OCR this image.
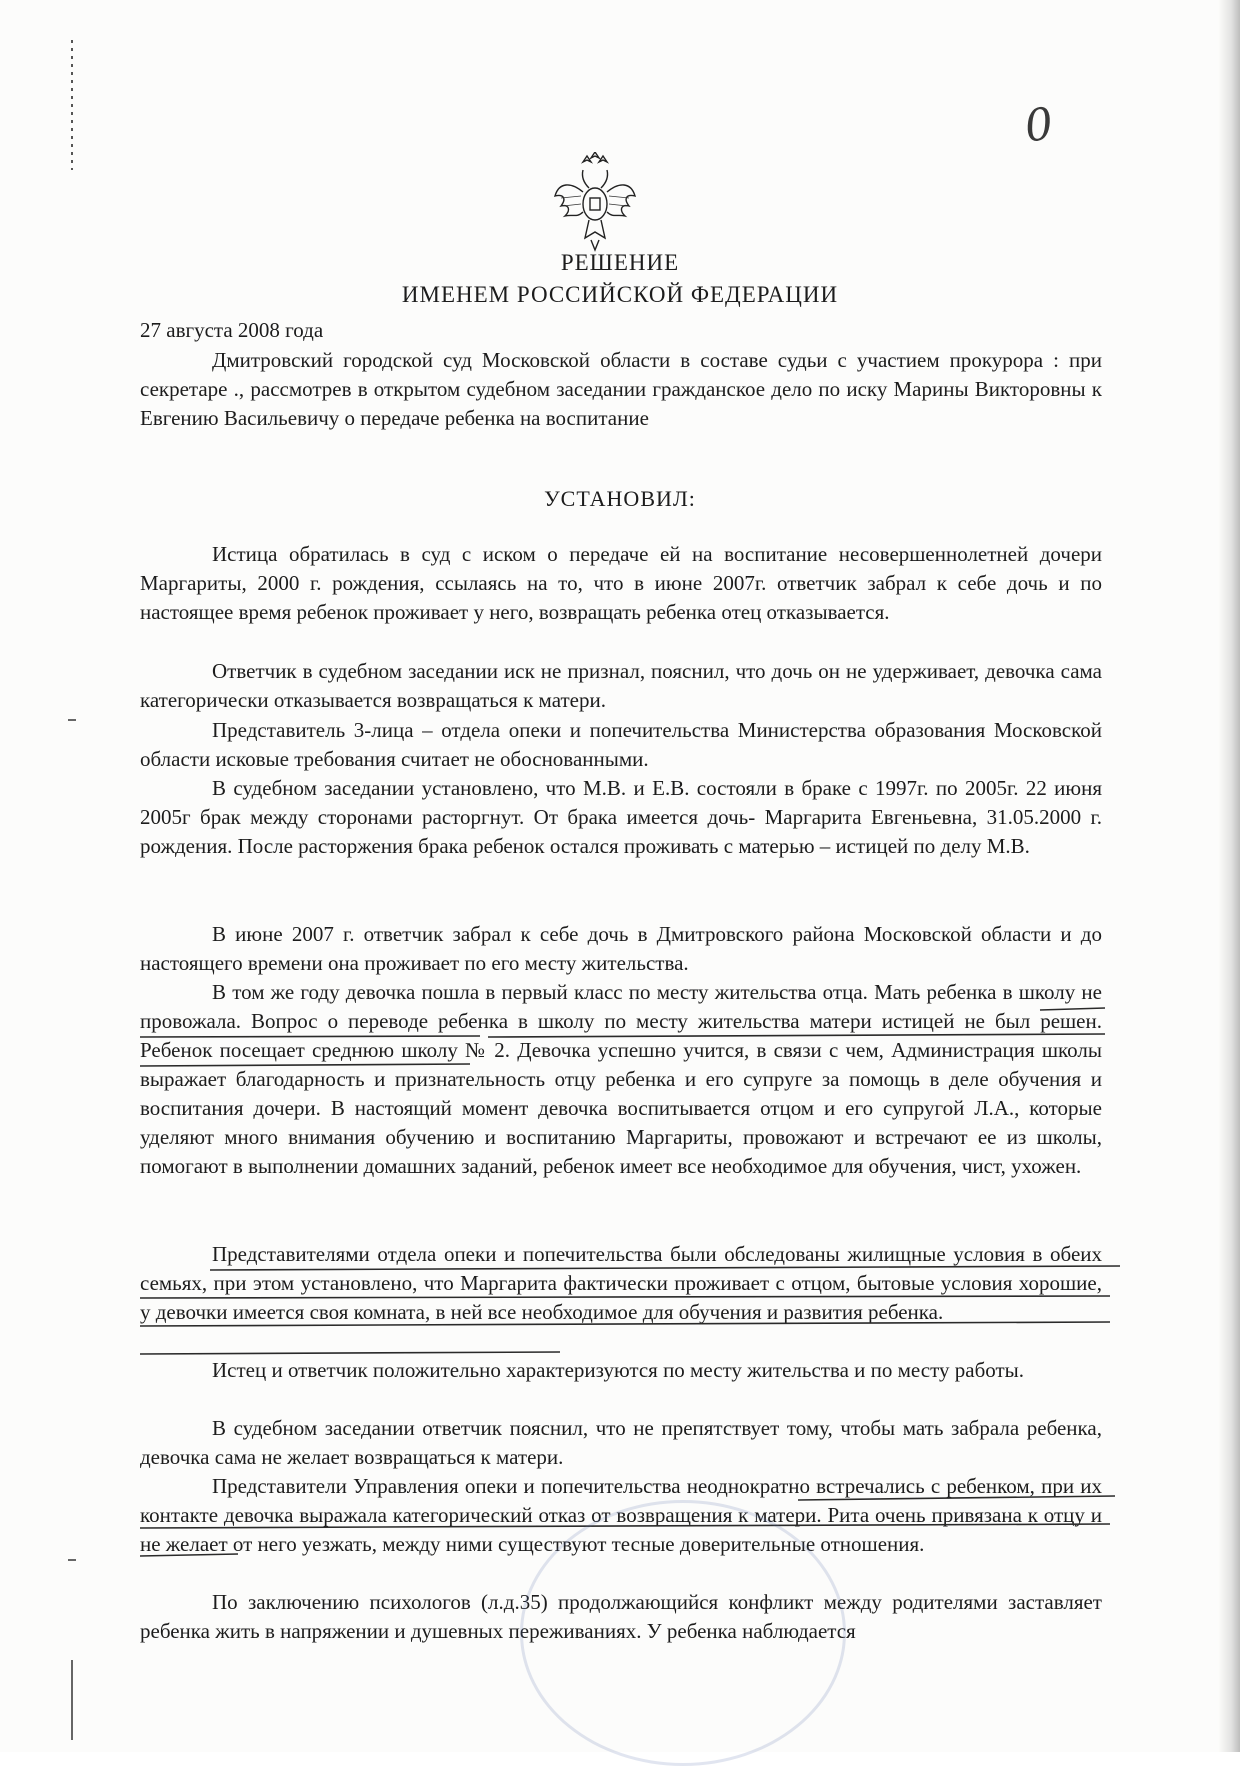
0
РЕШЕНИЕ
ИМЕНЕМ РОССИЙСКОЙ ФЕДЕРАЦИИ
27 августа 2008 года
Дмитровский городской суд Московской области в составе судьи с участием прокурора : при секретаре ., рассмотрев в открытом судебном заседании гражданское дело по иску Марины Викторовны к Евгению Васильевичу о передаче ребенка на воспитание
УСТАНОВИЛ:
Истица обратилась в суд с иском о передаче ей на воспитание несовершеннолетней дочери Маргариты, 2000 г. рождения, ссылаясь на то, что в июне 2007г. ответчик забрал к себе дочь и по настоящее время ребенок проживает у него, возвращать ребенка отец отказывается.
Ответчик в судебном заседании иск не признал, пояснил, что дочь он не удерживает, девочка сама категорически отказывается возвращаться к матери.
Представитель 3-лица – отдела опеки и попечительства Министерства образования Московской области исковые требования считает не обоснованными.
В судебном заседании установлено, что М.В. и Е.В. состояли в браке с 1997г. по 2005г. 22 июня 2005г брак между сторонами расторгнут. От брака имеется дочь- Маргарита Евгеньевна, 31.05.2000 г. рождения. После расторжения брака ребенок остался проживать с матерью – истицей по делу М.В.
В июне 2007 г. ответчик забрал к себе дочь в Дмитровского района Московской области и до настоящего времени она проживает по его месту жительства.
В том же году девочка пошла в первый класс по месту жительства отца. Мать ребенка в школу не провожала. Вопрос о переводе ребенка в школу по месту жительства матери истицей не был решен. Ребенок посещает среднюю школу № 2. Девочка успешно учится, в связи с чем, Администрация школы выражает благодарность и признательность отцу ребенка и его супруге за помощь в деле обучения и воспитания дочери. В настоящий момент девочка воспитывается отцом и его супругой Л.А., которые уделяют много внимания обучению и воспитанию Маргариты, провожают и встречают ее из школы, помогают в выполнении домашних заданий, ребенок имеет все необходимое для обучения, чист, ухожен.
Представителями отдела опеки и попечительства были обследованы жилищные условия в обеих семьях, при этом установлено, что Маргарита фактически проживает с отцом, бытовые условия хорошие, у девочки имеется своя комната, в ней все необходимое для обучения и развития ребенка.
Истец и ответчик положительно характеризуются по месту жительства и по месту работы.
В судебном заседании ответчик пояснил, что не препятствует тому, чтобы мать забрала ребенка, девочка сама не желает возвращаться к матери.
Представители Управления опеки и попечительства неоднократно встречались с ребенком, при их контакте девочка выражала категорический отказ от возвращения к матери. Рита очень привязана к отцу и не желает от него уезжать, между ними существуют тесные доверительные отношения.
По заключению психологов (л.д.35) продолжающийся конфликт между родителями заставляет ребенка жить в напряжении и душевных переживаниях. У ребенка наблюдается
